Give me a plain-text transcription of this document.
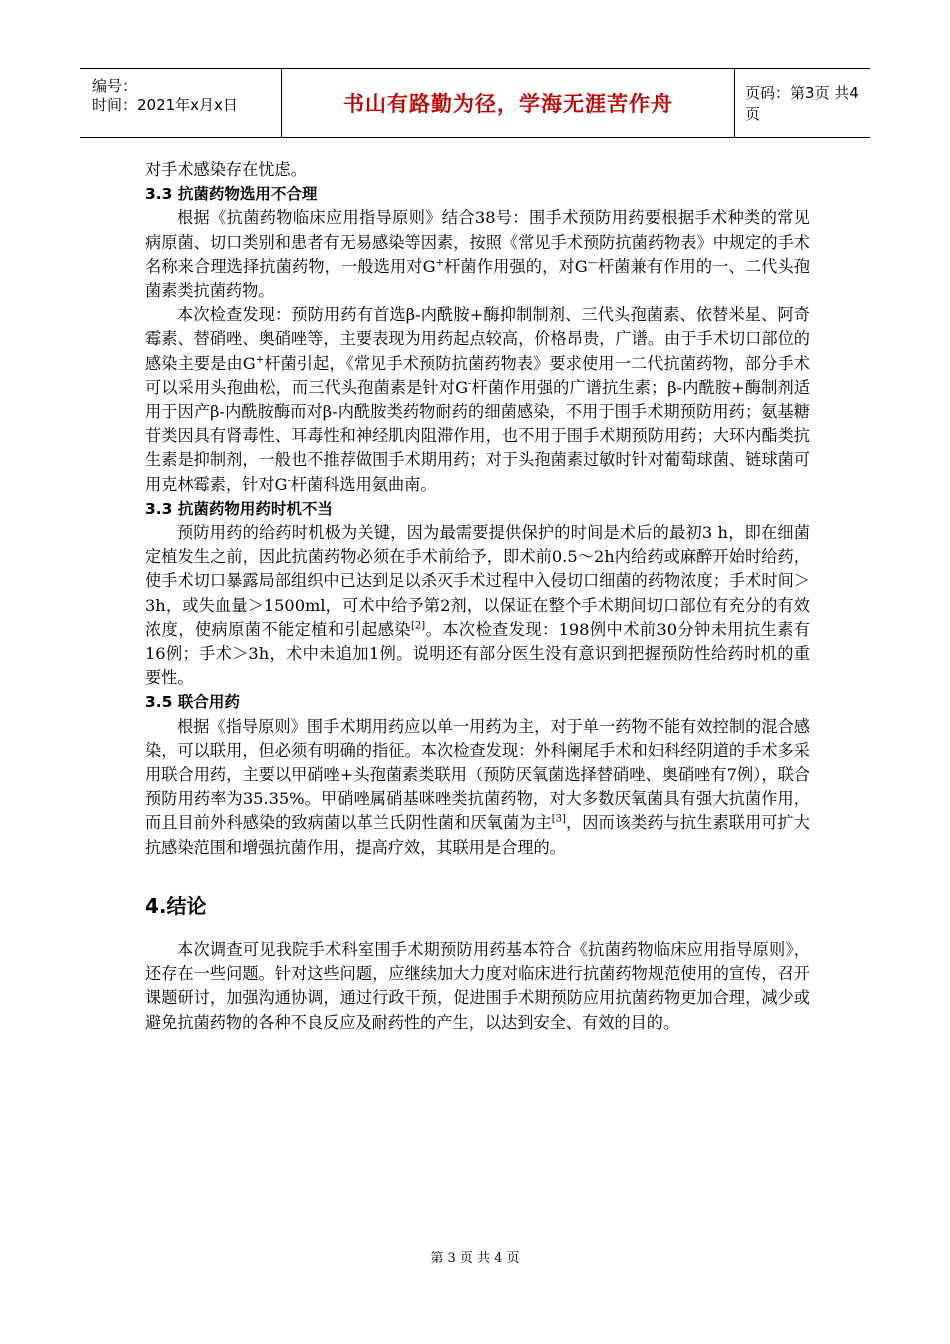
编号：
时间：2021年x月x日	书山有路勤为径，学海无涯苦作舟	页码：第3页 共4页

对手术感染存在忧虑。

3.3 抗菌药物选用不合理

根据《抗菌药物临床应用指导原则》结合38号：围手术预防用药要根据手术种类的常见病原菌、切口类别和患者有无易感染等因素，按照《常见手术预防抗菌药物表》中规定的手术名称来合理选择抗菌药物，一般选用对G+杆菌作用强的，对G—杆菌兼有作用的一、二代头孢菌素类抗菌药物。

本次检查发现：预防用药有首选β-内酰胺+酶抑制制剂、三代头孢菌素、依替米星、阿奇霉素、替硝唑、奥硝唑等，主要表现为用药起点较高，价格昂贵，广谱。由于手术切口部位的感染主要是由G+杆菌引起，《常见手术预防抗菌药物表》要求使用一二代抗菌药物，部分手术可以采用头孢曲松，而三代头孢菌素是针对G-杆菌作用强的广谱抗生素；β-内酰胺+酶制剂适用于因产β-内酰胺酶而对β-内酰胺类药物耐药的细菌感染，不用于围手术期预防用药；氨基糖苷类因具有肾毒性、耳毒性和神经肌肉阻滞作用，也不用于围手术期预防用药；大环内酯类抗生素是抑制剂，一般也不推荐做围手术期用药；对于头孢菌素过敏时针对葡萄球菌、链球菌可用克林霉素，针对G-杆菌科选用氨曲南。

3.3 抗菌药物用药时机不当

预防用药的给药时机极为关键，因为最需要提供保护的时间是术后的最初3 h，即在细菌定植发生之前，因此抗菌药物必须在手术前给予，即术前0.5～2h内给药或麻醉开始时给药，使手术切口暴露局部组织中已达到足以杀灭手术过程中入侵切口细菌的药物浓度；手术时间＞3h，或失血量＞1500ml，可术中给予第2剂，以保证在整个手术期间切口部位有充分的有效浓度，使病原菌不能定植和引起感染[2]。本次检查发现：198例中术前30分钟未用抗生素有16例；手术＞3h，术中未追加1例。说明还有部分医生没有意识到把握预防性给药时机的重要性。

3.5 联合用药

根据《指导原则》围手术期用药应以单一用药为主，对于单一药物不能有效控制的混合感染，可以联用，但必须有明确的指征。本次检查发现：外科阑尾手术和妇科经阴道的手术多采用联合用药，主要以甲硝唑+头孢菌素类联用（预防厌氧菌选择替硝唑、奥硝唑有7例），联合预防用药率为35.35%。甲硝唑属硝基咪唑类抗菌药物，对大多数厌氧菌具有强大抗菌作用，而且目前外科感染的致病菌以革兰氏阴性菌和厌氧菌为主[3]，因而该类药与抗生素联用可扩大抗感染范围和增强抗菌作用，提高疗效，其联用是合理的。

4.结论

本次调查可见我院手术科室围手术期预防用药基本符合《抗菌药物临床应用指导原则》，还存在一些问题。针对这些问题，应继续加大力度对临床进行抗菌药物规范使用的宣传，召开课题研讨，加强沟通协调，通过行政干预，促进围手术期预防应用抗菌药物更加合理，减少或避免抗菌药物的各种不良反应及耐药性的产生，以达到安全、有效的目的。

第 3 页 共 4 页
